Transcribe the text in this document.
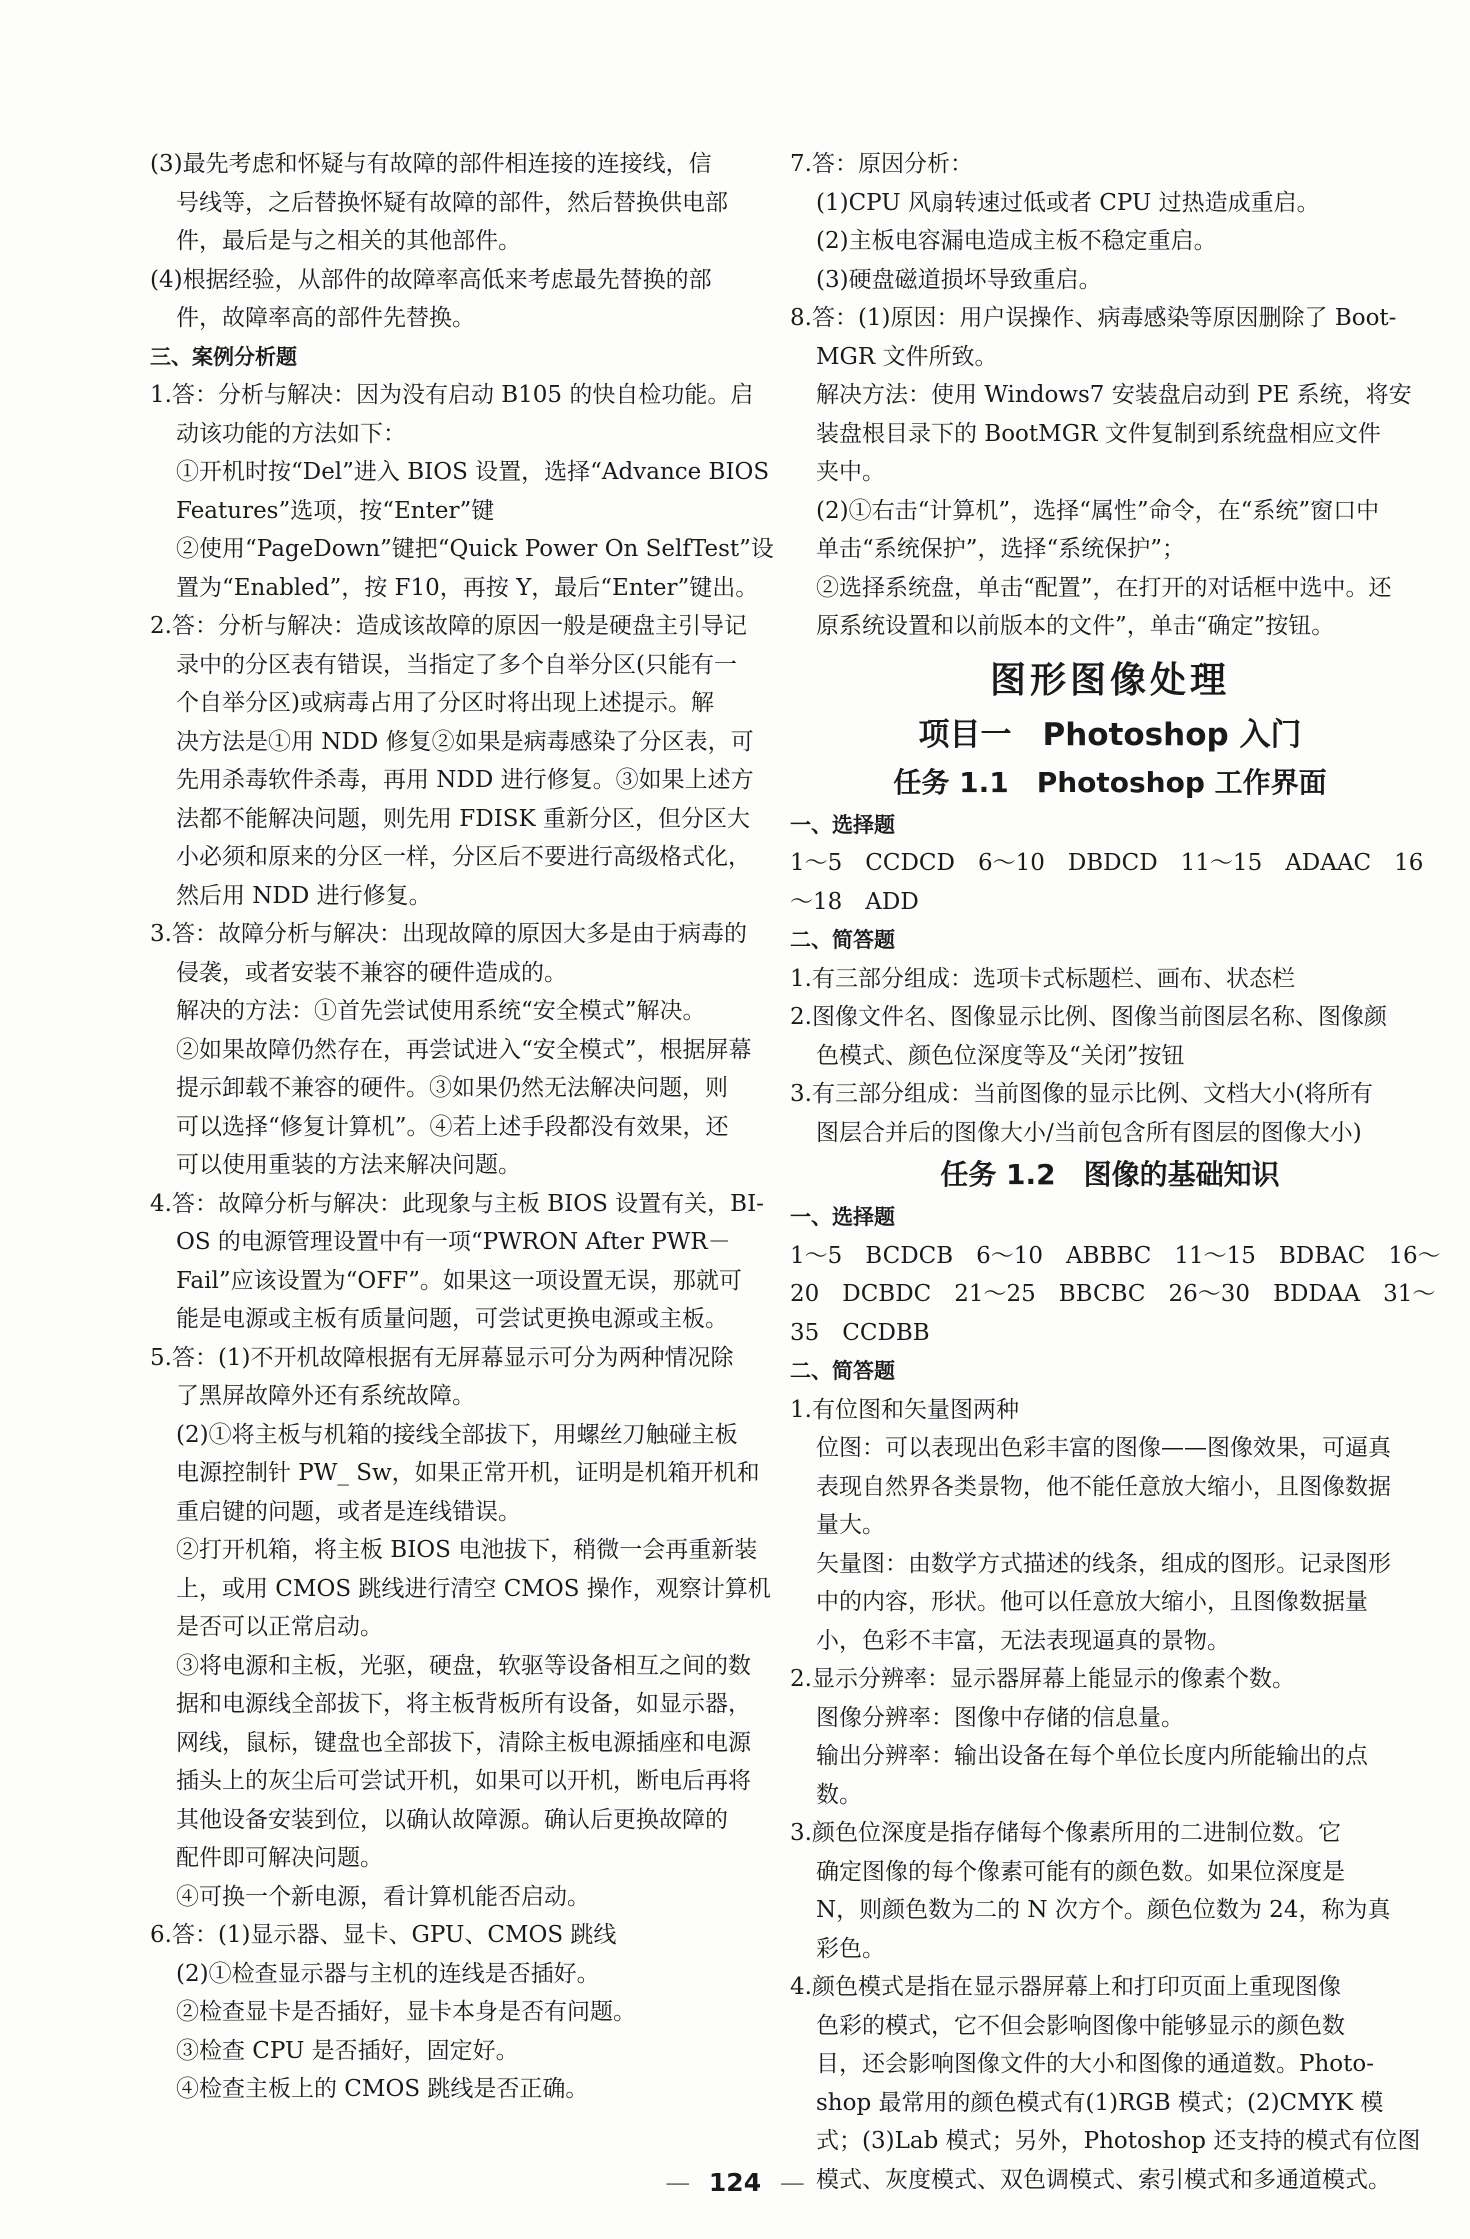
(3)最先考虑和怀疑与有故障的部件相连接的连接线，信
号线等，之后替换怀疑有故障的部件，然后替换供电部
件，最后是与之相关的其他部件。
(4)根据经验，从部件的故障率高低来考虑最先替换的部
件，故障率高的部件先替换。
三、案例分析题
1.答：分析与解决：因为没有启动 B105 的快自检功能。启
动该功能的方法如下：
①开机时按“Del”进入 BIOS 设置，选择“Advance BIOS
Features”选项，按“Enter”键
②使用“PageDown”键把“Quick Power On SelfTest”设
置为“Enabled”，按 F10，再按 Y，最后“Enter”键出。
2.答：分析与解决：造成该故障的原因一般是硬盘主引导记
录中的分区表有错误，当指定了多个自举分区(只能有一
个自举分区)或病毒占用了分区时将出现上述提示。解
决方法是①用 NDD 修复②如果是病毒感染了分区表，可
先用杀毒软件杀毒，再用 NDD 进行修复。③如果上述方
法都不能解决问题，则先用 FDISK 重新分区，但分区大
小必须和原来的分区一样，分区后不要进行高级格式化，
然后用 NDD 进行修复。
3.答：故障分析与解决：出现故障的原因大多是由于病毒的
侵袭，或者安装不兼容的硬件造成的。
解决的方法：①首先尝试使用系统“安全模式”解决。
②如果故障仍然存在，再尝试进入“安全模式”，根据屏幕
提示卸载不兼容的硬件。③如果仍然无法解决问题，则
可以选择“修复计算机”。④若上述手段都没有效果，还
可以使用重装的方法来解决问题。
4.答：故障分析与解决：此现象与主板 BIOS 设置有关，BI-
OS 的电源管理设置中有一项“PWRON After PWR－
Fail”应该设置为“OFF”。如果这一项设置无误，那就可
能是电源或主板有质量问题，可尝试更换电源或主板。
5.答：(1)不开机故障根据有无屏幕显示可分为两种情况除
了黑屏故障外还有系统故障。
(2)①将主板与机箱的接线全部拔下，用螺丝刀触碰主板
电源控制针 PW_ Sw，如果正常开机，证明是机箱开机和
重启键的问题，或者是连线错误。
②打开机箱，将主板 BIOS 电池拔下，稍微一会再重新装
上，或用 CMOS 跳线进行清空 CMOS 操作，观察计算机
是否可以正常启动。
③将电源和主板，光驱，硬盘，软驱等设备相互之间的数
据和电源线全部拔下，将主板背板所有设备，如显示器，
网线，鼠标，键盘也全部拔下，清除主板电源插座和电源
插头上的灰尘后可尝试开机，如果可以开机，断电后再将
其他设备安装到位，以确认故障源。确认后更换故障的
配件即可解决问题。
④可换一个新电源，看计算机能否启动。
6.答：(1)显示器、显卡、GPU、CMOS 跳线
(2)①检查显示器与主机的连线是否插好。
②检查显卡是否插好，显卡本身是否有问题。
③检查 CPU 是否插好，固定好。
④检查主板上的 CMOS 跳线是否正确。
7.答：原因分析：
(1)CPU 风扇转速过低或者 CPU 过热造成重启。
(2)主板电容漏电造成主板不稳定重启。
(3)硬盘磁道损坏导致重启。
8.答：(1)原因：用户误操作、病毒感染等原因删除了 Boot-
MGR 文件所致。
解决方法：使用 Windows7 安装盘启动到 PE 系统，将安
装盘根目录下的 BootMGR 文件复制到系统盘相应文件
夹中。
(2)①右击“计算机”，选择“属性”命令，在“系统”窗口中
单击“系统保护”，选择“系统保护”；
②选择系统盘，单击“配置”，在打开的对话框中选中。还
原系统设置和以前版本的文件”，单击“确定”按钮。
图形图像处理
项目一　Photoshop 入门
任务 1.1　Photoshop 工作界面
一、选择题
1～5　CCDCD　6～10　DBDCD　11～15　ADAAC　16
～18　ADD
二、简答题
1.有三部分组成：选项卡式标题栏、画布、状态栏
2.图像文件名、图像显示比例、图像当前图层名称、图像颜
色模式、颜色位深度等及“关闭”按钮
3.有三部分组成：当前图像的显示比例、文档大小(将所有
图层合并后的图像大小/当前包含所有图层的图像大小)
任务 1.2　图像的基础知识
一、选择题
1～5　BCDCB　6～10　ABBBC　11～15　BDBAC　16～
20　DCBDC　21～25　BBCBC　26～30　BDDAA　31～
35　CCDBB
二、简答题
1.有位图和矢量图两种
位图：可以表现出色彩丰富的图像——图像效果，可逼真
表现自然界各类景物，他不能任意放大缩小，且图像数据
量大。
矢量图：由数学方式描述的线条，组成的图形。记录图形
中的内容，形状。他可以任意放大缩小，且图像数据量
小，色彩不丰富，无法表现逼真的景物。
2.显示分辨率：显示器屏幕上能显示的像素个数。
图像分辨率：图像中存储的信息量。
输出分辨率：输出设备在每个单位长度内所能输出的点
数。
3.颜色位深度是指存储每个像素所用的二进制位数。它
确定图像的每个像素可能有的颜色数。如果位深度是
N，则颜色数为二的 N 次方个。颜色位数为 24，称为真
彩色。
4.颜色模式是指在显示器屏幕上和打印页面上重现图像
色彩的模式，它不但会影响图像中能够显示的颜色数
目，还会影响图像文件的大小和图像的通道数。Photo-
shop 最常用的颜色模式有(1)RGB 模式；(2)CMYK 模
式；(3)Lab 模式；另外，Photoshop 还支持的模式有位图
模式、灰度模式、双色调模式、索引模式和多通道模式。
— 124 —
